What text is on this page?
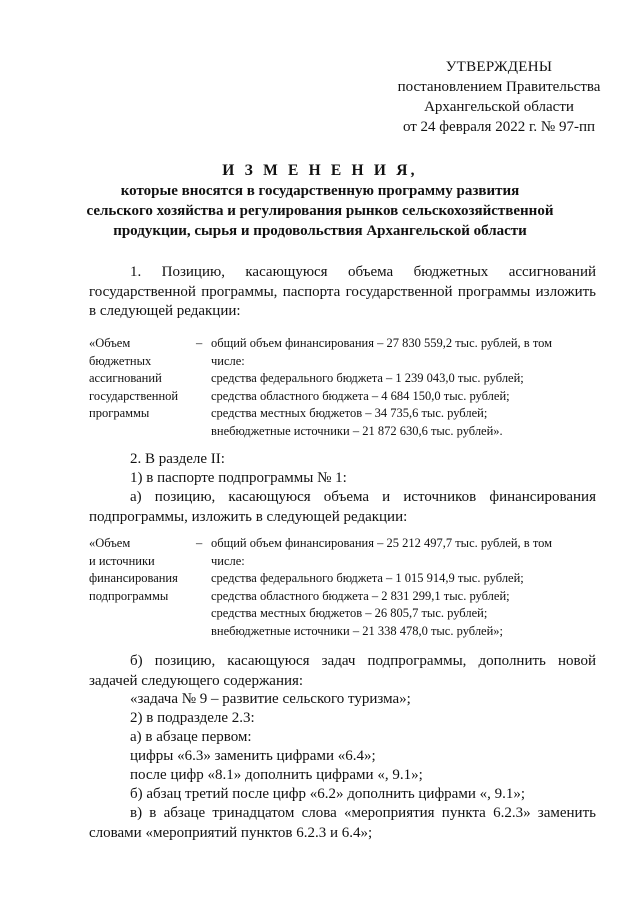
УТВЕРЖДЕНЫ
постановлением Правительства
Архангельской области
от 24 февраля 2022 г. № 97-пп
И З М Е Н Е Н И Я,
которые вносятся в государственную программу развития
сельского хозяйства и регулирования рынков сельскохозяйственной
продукции, сырья и продовольствия Архангельской области

1. Позицию, касающуюся объема бюджетных ассигнований государственной программы, паспорта государственной программы изложить в следующей редакции:

«Объем
бюджетных
ассигнований
государственной
программы
– общий объем финансирования – 27 830 559,2 тыс. рублей, в том
числе:
средства федерального бюджета – 1 239 043,0 тыс. рублей;
средства областного бюджета – 4 684 150,0 тыс. рублей;
средства местных бюджетов – 34 735,6 тыс. рублей;
внебюджетные источники – 21 872 630,6 тыс. рублей».

2. В разделе II:

1) в паспорте подпрограммы № 1:

а) позицию, касающуюся объема и источников финансирования подпрограммы, изложить в следующей редакции:

«Объем
и источники
финансирования
подпрограммы
– общий объем финансирования – 25 212 497,7 тыс. рублей, в том
числе:
средства федерального бюджета – 1 015 914,9 тыс. рублей;
средства областного бюджета – 2 831 299,1 тыс. рублей;
средства местных бюджетов – 26 805,7 тыс. рублей;
внебюджетные источники – 21 338 478,0 тыс. рублей»;

б) позицию, касающуюся задач подпрограммы, дополнить новой задачей следующего содержания:

«задача № 9 – развитие сельского туризма»;

2) в подразделе 2.3:

а) в абзаце первом:

цифры «6.3» заменить цифрами «6.4»;

после цифр «8.1» дополнить цифрами «, 9.1»;

б) абзац третий после цифр «6.2» дополнить цифрами «, 9.1»;

в) в абзаце тринадцатом слова «мероприятия пункта 6.2.3» заменить словами «мероприятий пунктов 6.2.3 и 6.4»;
